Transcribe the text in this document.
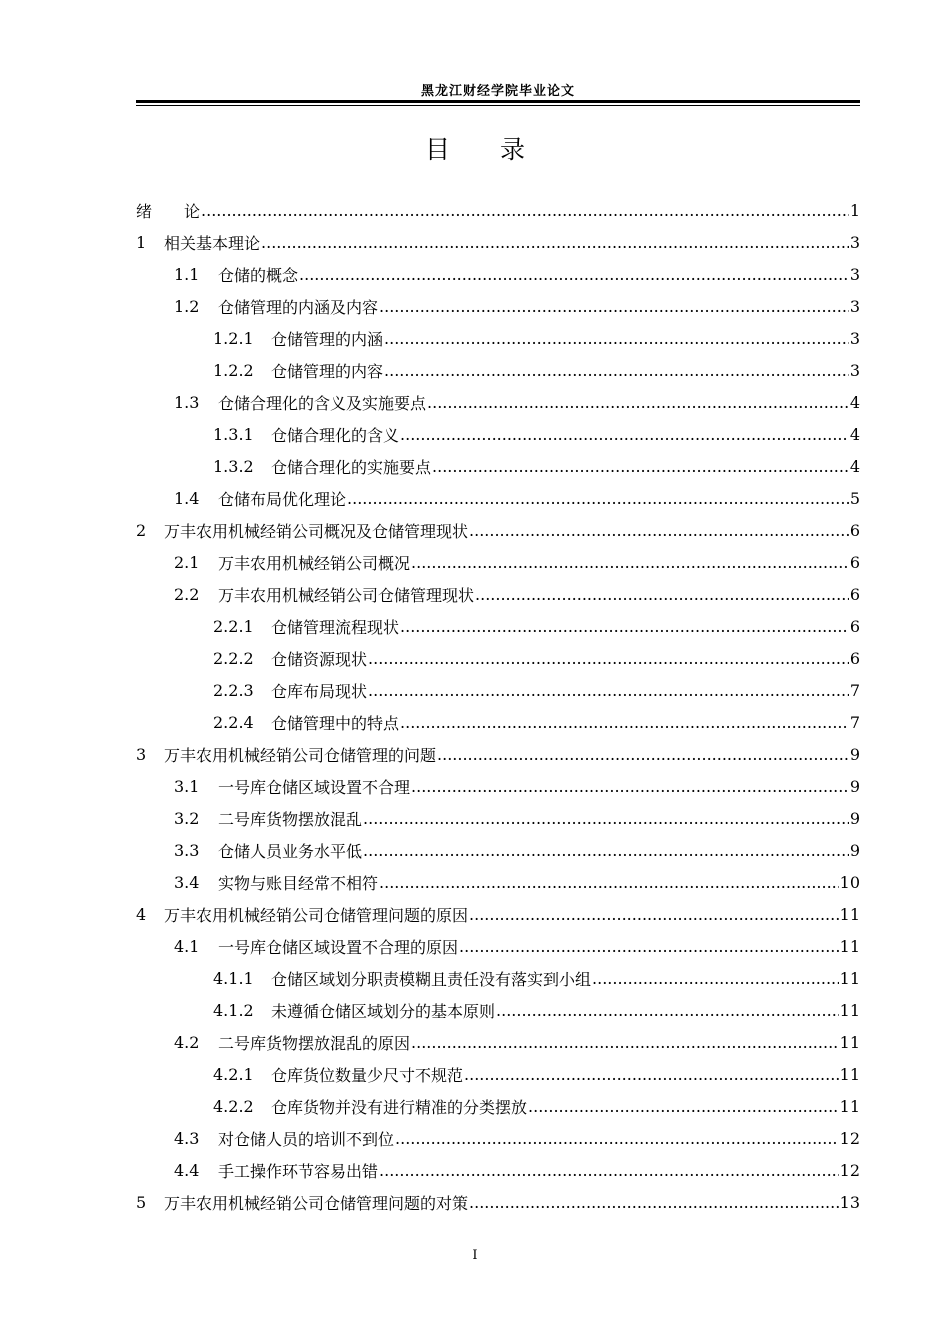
黑龙江财经学院毕业论文
目　　录
绪　　论 .....	1
1	相关基本理论 .....	3
1.1	仓储的概念 .....	3
1.2	仓储管理的内涵及内容 .....	3
1.2.1	仓储管理的内涵 .....	3
1.2.2	仓储管理的内容 .....	3
1.3	仓储合理化的含义及实施要点 .....	4
1.3.1	仓储合理化的含义 .....	4
1.3.2	仓储合理化的实施要点 .....	4
1.4	仓储布局优化理论 .....	5
2	万丰农用机械经销公司概况及仓储管理现状 .....	6
2.1	万丰农用机械经销公司概况 .....	6
2.2	万丰农用机械经销公司仓储管理现状 .....	6
2.2.1	仓储管理流程现状 .....	6
2.2.2	仓储资源现状 .....	6
2.2.3	仓库布局现状 .....	7
2.2.4	仓储管理中的特点 .....	7
3	万丰农用机械经销公司仓储管理的问题 .....	9
3.1	一号库仓储区域设置不合理 .....	9
3.2	二号库货物摆放混乱 .....	9
3.3	仓储人员业务水平低 .....	9
3.4	实物与账目经常不相符 .....	10
4	万丰农用机械经销公司仓储管理问题的原因 .....	11
4.1	一号库仓储区域设置不合理的原因 .....	11
4.1.1	仓储区域划分职责模糊且责任没有落实到小组 .....	11
4.1.2	未遵循仓储区域划分的基本原则 .....	11
4.2	二号库货物摆放混乱的原因 .....	11
4.2.1	仓库货位数量少尺寸不规范 .....	11
4.2.2	仓库货物并没有进行精准的分类摆放 .....	11
4.3	对仓储人员的培训不到位 .....	12
4.4	手工操作环节容易出错 .....	12
5	万丰农用机械经销公司仓储管理问题的对策 .....	13
I
